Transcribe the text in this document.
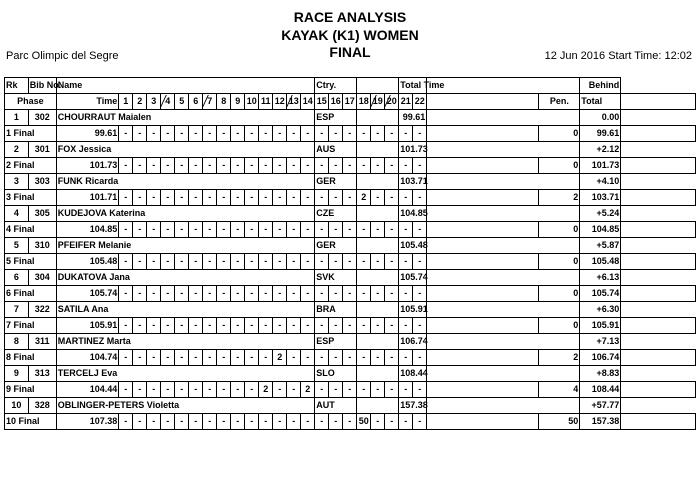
RACE ANALYSIS
KAYAK (K1) WOMEN
FINAL
Parc Olimpic del Segre	12 Jun 2016 Start Time: 12:02
Rk	Bib No.	Name															Ctry.						Total Time				Behind	
Phase		Time	1	2	3	4	5	6	7	8	9	10	11	12	13	14	15	16	17	18	19	20	21	22		Pen.	Total	
1	302	CHOURRAUT Maialen															ESP						99.61				0.00	
1 Final		99.61	-	-	-	-	-	-	-	-	-	-	-	-	-	-	-	-	-	-	-	-	-	-		0	99.61	
2	301	FOX Jessica															AUS						101.73				+2.12	
2 Final		101.73	-	-	-	-	-	-	-	-	-	-	-	-	-	-	-	-	-	-	-	-	-	-		0	101.73	
3	303	FUNK Ricarda															GER						103.71				+4.10	
3 Final		101.71	-	-	-	-	-	-	-	-	-	-	-	-	-	-	-	-	-	2	-	-	-	-		2	103.71	
4	305	KUDEJOVA Katerina															CZE						104.85				+5.24	
4 Final		104.85	-	-	-	-	-	-	-	-	-	-	-	-	-	-	-	-	-	-	-	-	-	-		0	104.85	
5	310	PFEIFER Melanie															GER						105.48				+5.87	
5 Final		105.48	-	-	-	-	-	-	-	-	-	-	-	-	-	-	-	-	-	-	-	-	-	-		0	105.48	
6	304	DUKATOVA Jana															SVK						105.74				+6.13	
6 Final		105.74	-	-	-	-	-	-	-	-	-	-	-	-	-	-	-	-	-	-	-	-	-	-		0	105.74	
7	322	SATILA Ana															BRA						105.91				+6.30	
7 Final		105.91	-	-	-	-	-	-	-	-	-	-	-	-	-	-	-	-	-	-	-	-	-	-		0	105.91	
8	311	MARTINEZ Marta															ESP						106.74				+7.13	
8 Final		104.74	-	-	-	-	-	-	-	-	-	-	-	2	-	-	-	-	-	-	-	-	-	-		2	106.74	
9	313	TERCELJ Eva															SLO						108.44				+8.83	
9 Final		104.44	-	-	-	-	-	-	-	-	-	-	2	-	-	2	-	-	-	-	-	-	-	-		4	108.44	
10	328	OBLINGER-PETERS Violetta															AUT						157.38				+57.77	
10 Final		107.38	-	-	-	-	-	-	-	-	-	-	-	-	-	-	-	-	-	50	-	-	-	-		50	157.38	
